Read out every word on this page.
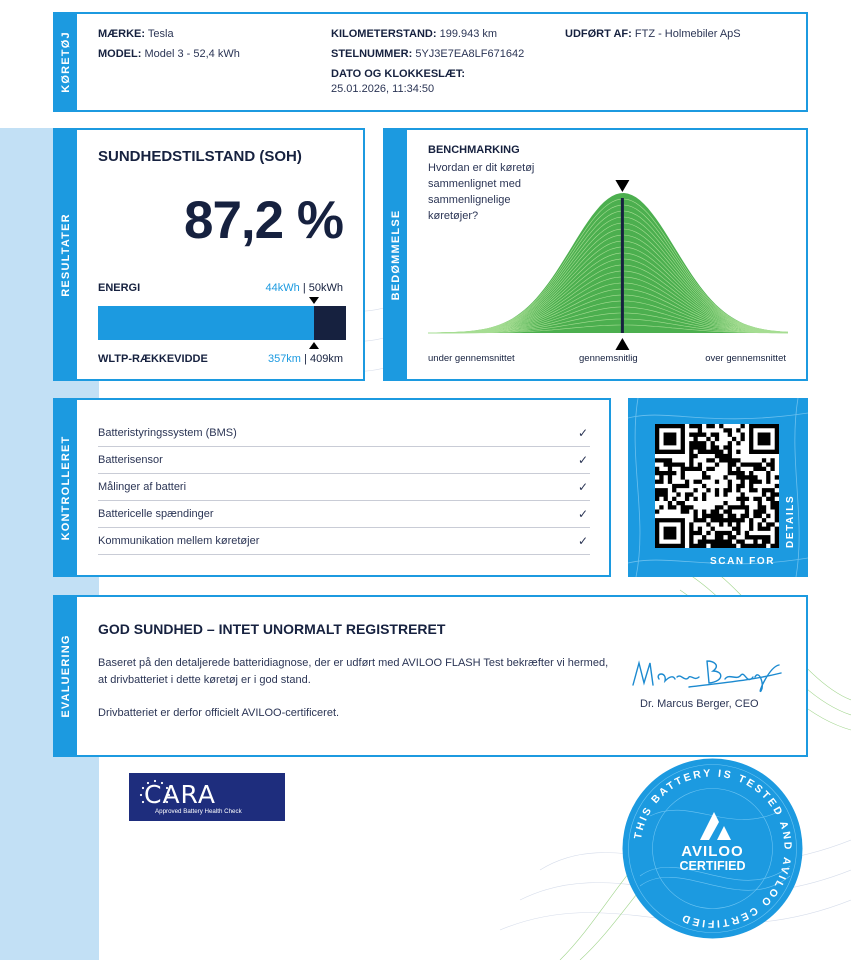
KØRETØJ MÆRKE: Tesla
MODEL: Model 3 - 52,4 kWh
KILOMETERSTAND: 199.943 km
STELNUMMER: 5YJ3E7EA8LF671642
DATO OG KLOKKESLÆT:
25.01.2026, 11:34:50
UDFØRT AF: FTZ - Holmebiler ApS
RESULTATER
SUNDHEDSTILSTAND (SOH)
87,2 %
ENERGI	44kWh | 50kWh
WLTP-RÆKKEVIDDE	357km | 409km
BEDØMMELSE
BENCHMARKING
Hvordan er dit køretøj sammenlignet med sammenlignelige køretøjer?
under gennemsnittet	gennemsnitlig	over gennemsnittet
KONTROLLERET
Batteristyringssystem (BMS)	✓
Batterisensor	✓
Målinger af batteri	✓
Battericelle spændinger	✓
Kommunikation mellem køretøjer	✓
SCAN FOR
DETAILS
EVALUERING
GOD SUNDHED – INTET UNORMALT REGISTRERET
Baseret på den detaljerede batteridiagnose, der er udført med AVILOO FLASH Test bekræfter vi hermed, at drivbatteriet i dette køretøj er i god stand.
Drivbatteriet er derfor officielt AVILOO-certificeret.
Dr. Marcus Berger, CEO
CARA
Approved Battery Health Check
THIS BATTERY IS TESTED AND AVILOO CERTIFIED
AVILOO
CERTIFIED
